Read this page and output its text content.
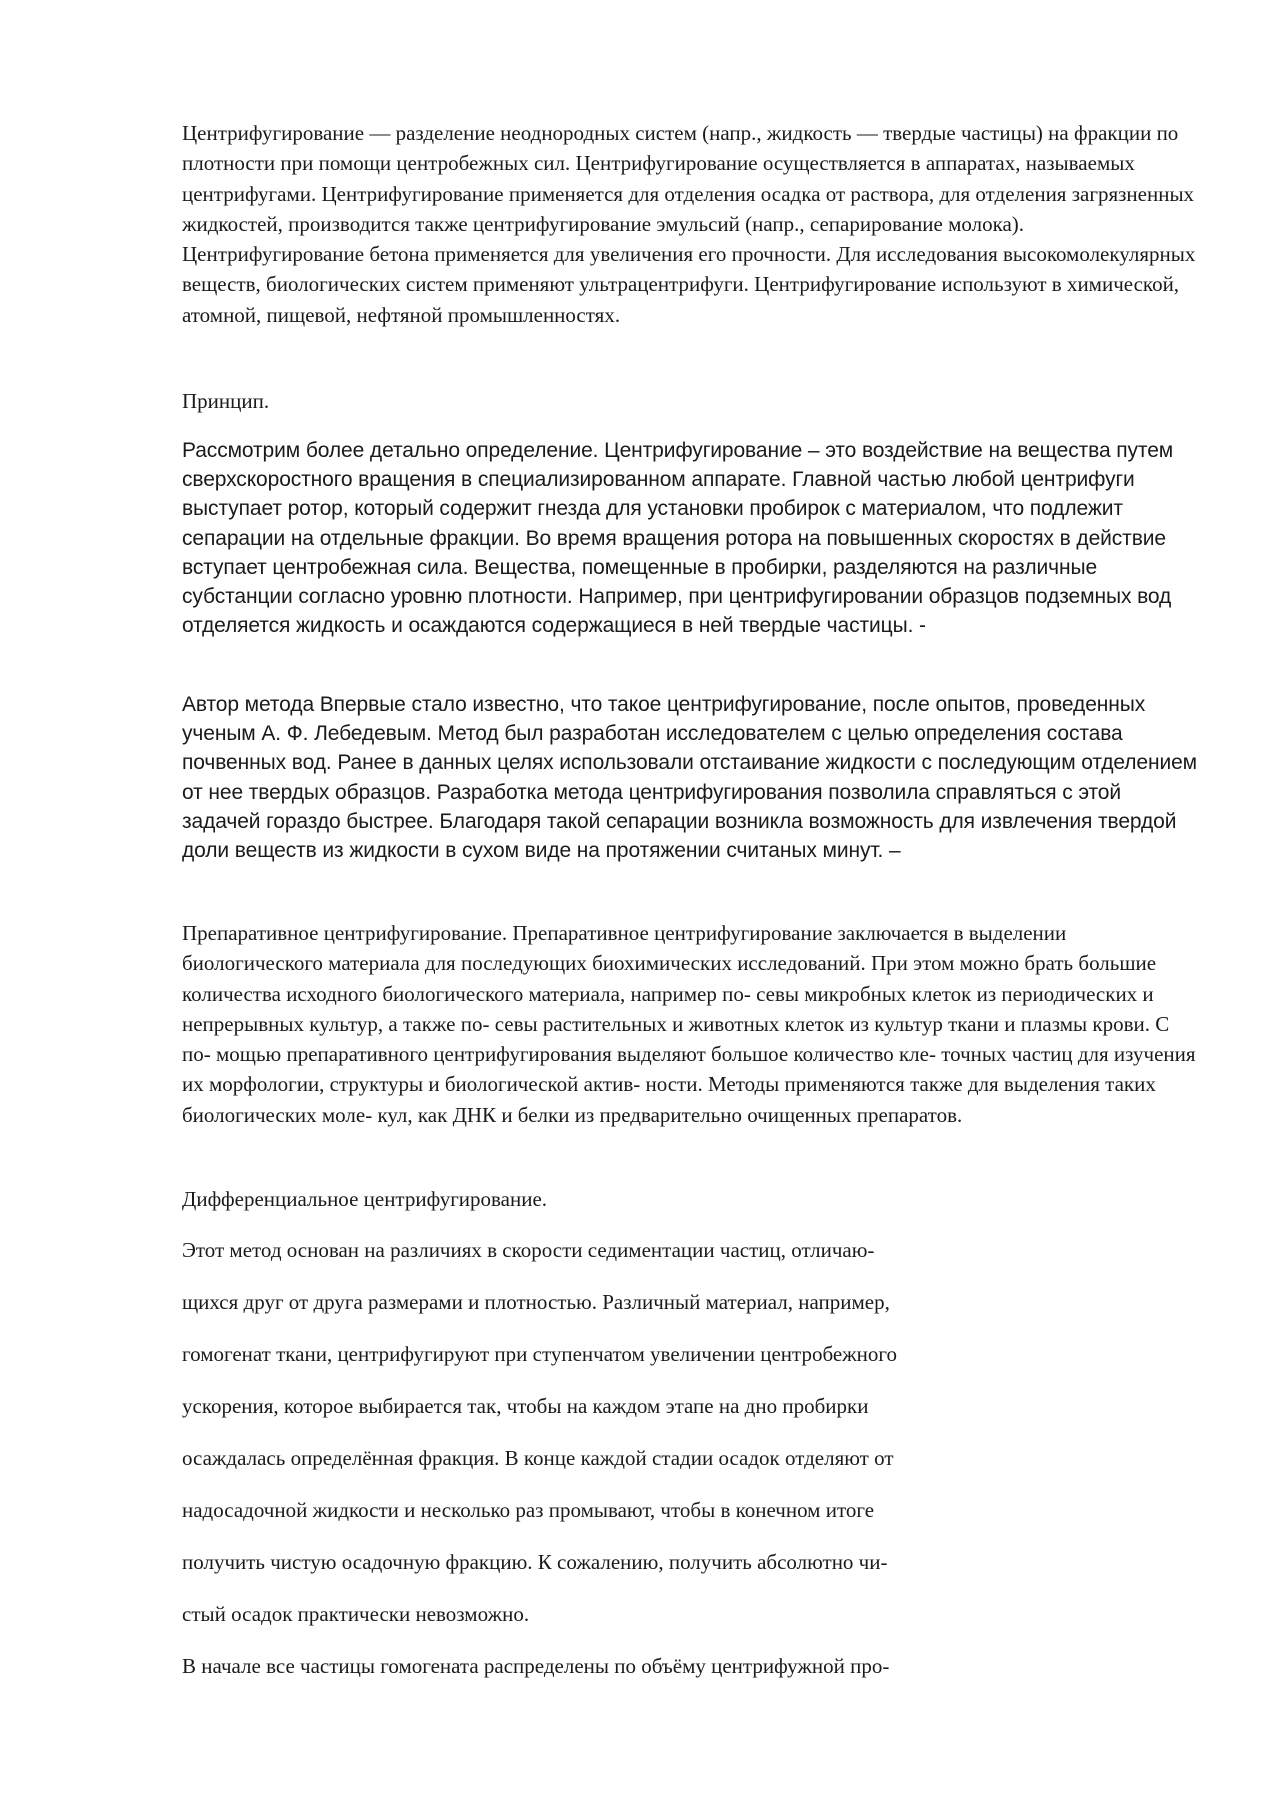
Центрифугирование — разделение неоднородных систем (напр., жидкость — твердые частицы) на фракции по плотности при помощи центробежных сил. Центрифугирование осуществляется в аппаратах, называемых центрифугами. Центрифугирование применяется для отделения осадка от раствора, для отделения загрязненных жидкостей, производится также центрифугирование эмульсий (напр., сепарирование молока). Центрифугирование бетона применяется для увеличения его прочности. Для исследования высокомолекулярных веществ, биологических систем применяют ультрацентрифуги. Центрифугирование используют в химической, атомной, пищевой, нефтяной промышленностях.

Принцип.

Рассмотрим более детально определение. Центрифугирование – это воздействие на вещества путем сверхскоростного вращения в специализированном аппарате. Главной частью любой центрифуги выступает ротор, который содержит гнезда для установки пробирок с материалом, что подлежит сепарации на отдельные фракции. Во время вращения ротора на повышенных скоростях в действие вступает центробежная сила. Вещества, помещенные в пробирки, разделяются на различные субстанции согласно уровню плотности. Например, при центрифугировании образцов подземных вод отделяется жидкость и осаждаются содержащиеся в ней твердые частицы. -

Автор метода Впервые стало известно, что такое центрифугирование, после опытов, проведенных ученым А. Ф. Лебедевым. Метод был разработан исследователем с целью определения состава почвенных вод. Ранее в данных целях использовали отстаивание жидкости с последующим отделением от нее твердых образцов. Разработка метода центрифугирования позволила справляться с этой задачей гораздо быстрее. Благодаря такой сепарации возникла возможность для извлечения твердой доли веществ из жидкости в сухом виде на протяжении считаных минут. –

Препаративное центрифугирование. Препаративное центрифугирование заключается в выделении биологического материала для последующих биохимических исследований. При этом можно брать большие количества исходного биологического материала, например по- севы микробных клеток из периодических и непрерывных культур, а также по- севы растительных и животных клеток из культур ткани и плазмы крови. С по- мощью препаративного центрифугирования выделяют большое количество кле- точных частиц для изучения их морфологии, структуры и биологической актив- ности. Методы применяются также для выделения таких биологических моле- кул, как ДНК и белки из предварительно очищенных препаратов.

Дифференциальное центрифугирование.

Этот метод основан на различиях в скорости седиментации частиц, отличаю-
щихся друг от друга размерами и плотностью. Различный материал, например,
гомогенат ткани, центрифугируют при ступенчатом увеличении центробежного
ускорения, которое выбирается так, чтобы на каждом этапе на дно пробирки
осаждалась определённая фракция. В конце каждой стадии осадок отделяют от
надосадочной жидкости и несколько раз промывают, чтобы в конечном итоге
получить чистую осадочную фракцию. К сожалению, получить абсолютно чи-
стый осадок практически невозможно.
В начале все частицы гомогената распределены по объёму центрифужной про-
